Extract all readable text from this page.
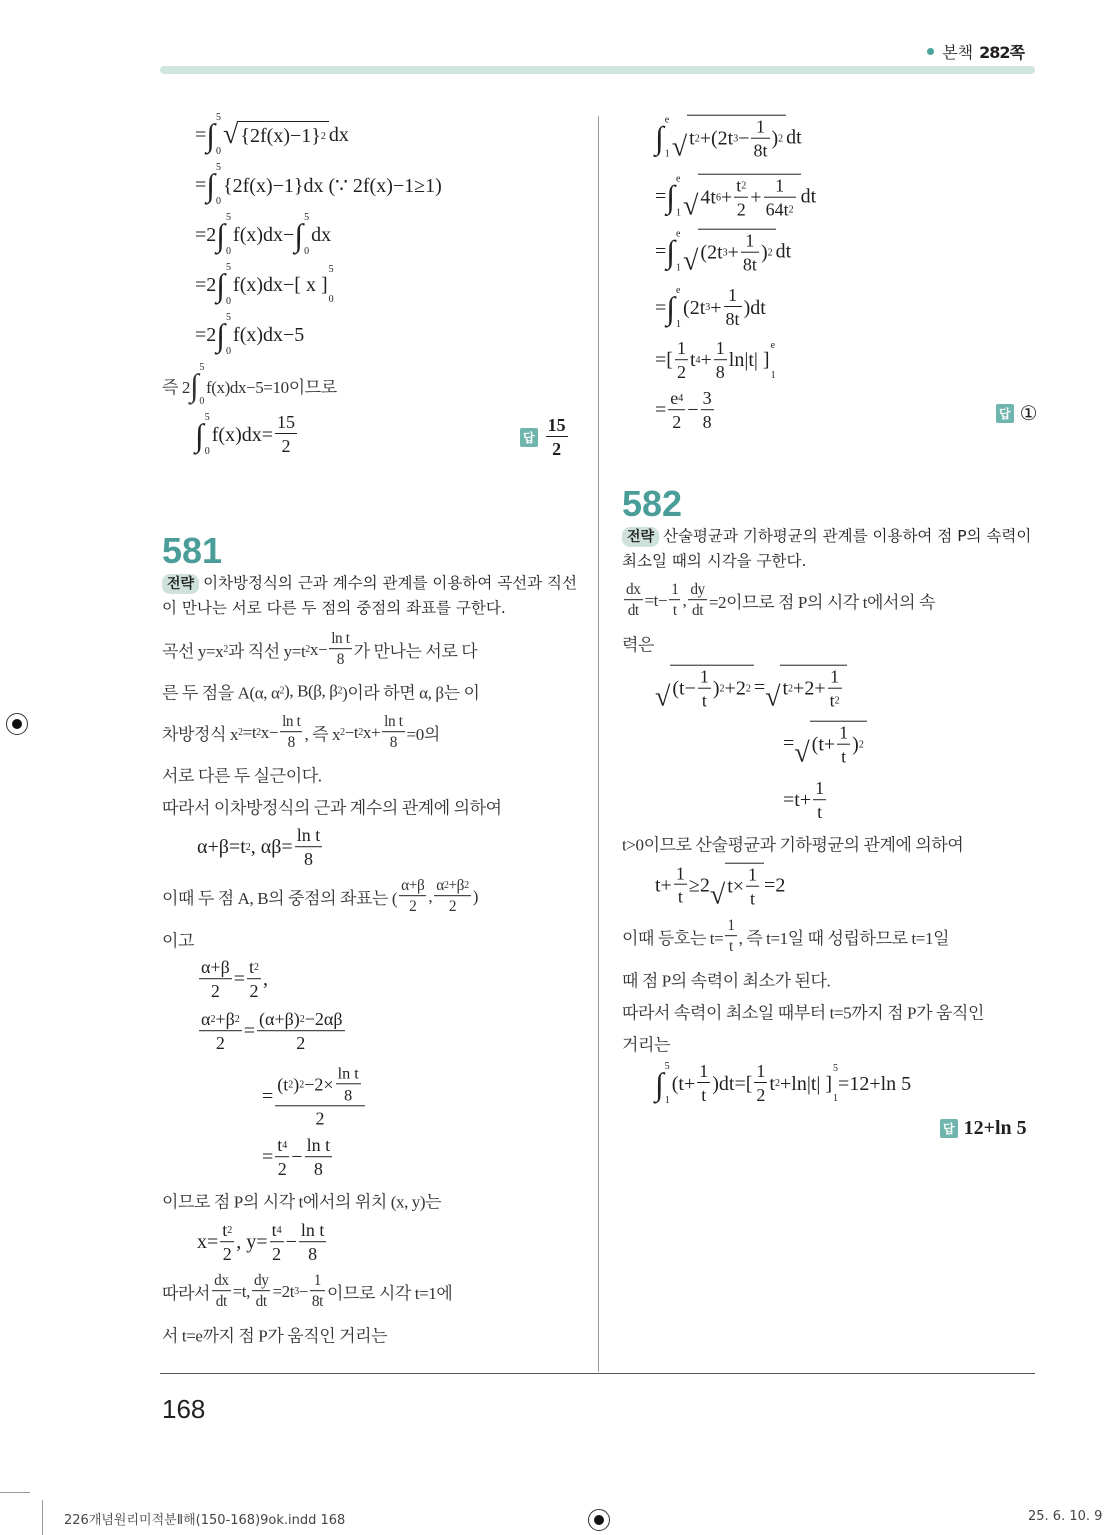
본책 282쪽
= ∫ 5
0
√ {2f(x)−1} 2 dx
= ∫ 5
0
{2f(x)−1}dx (∵ 2f(x)−1≥1)
=2 ∫ 5
0
f(x)dx− ∫ 5
0
dx
=2 ∫ 5
0
f(x)dx−[ x ]
5
0
=2 ∫ 5
0
f(x)dx−5
즉 2 ∫ 5
0
f(x)dx−5=10이므로
∫ 5
0
$f(x)dx= \frac{15}{2}$	답 $\frac{15}{2}$
581
전략 이차방정식의 근과 계수의 관계를 이용하여 곡선과 직선이 만나는 서로 다른 두 점의 중점의 좌표를 구한다.
곡선 y=x 2 과 직선 y=t 2 $x- \frac{\text{ln t}}{8}$ 가 만나는 서로 다
른 두 점을 A(α, α 2 ), B(β, β 2 )이라 하면 α, β는 이
차방정식 x 2 =t 2 $x- \frac{\text{ln t}}{8}$ , 즉 x 2 −t 2 $x+ \frac{\text{ln t}}{8} =0$의
서로 다른 두 실근이다.
따라서 이차방정식의 근과 계수의 관계에 의하여
α+β=t 2 , $\alpha\beta= \frac{\text{ln t}}{8}$
이때 두 점 A, B의 중점의 좌표는 ( $\frac{\alpha+\beta}{2}$ , $\frac{\alpha 2 +\beta 2}{2}$ )
이고
$\frac{\alpha+\beta}{2} = \frac{t 2}{2}$ ,
$\frac{\alpha 2 +\beta 2}{2} = \frac{(\alpha+\beta) 2 -2\alpha\beta}{2}$
= $\frac{(t 2 ) 2 -2\times \frac{\text{ln t}}{8}}{2}$
= $\frac{t 4}{2} - \frac{\text{ln t}}{8}$
이므로 점 P의 시각 t에서의 위치 (x, y)는
$x= \frac{t 2}{2}$ , $y= \frac{t 4}{2} - \frac{\text{ln t}}{8}$
따라서 $\frac{dx}{dt} =t$, $\frac{dy}{dt} =2t$ $3 - \frac{1}{8t}$ 이므로 시각 t=1에
서 t=e까지 점 P가 움직인 거리는
∫ e
1 √ t 2 +(2t $3 - \frac{1}{8t}$ ) 2 dt
= ∫ e
1 √ 4t $6 + \frac{t 2}{2} + \frac{1}{64t 2}$ dt
= ∫ e
1 √ (2t $3 + \frac{1}{8t}$ ) 2 dt
= ∫ e
1
(2t $3 + \frac{1}{8t} )dt$
=[ $\frac{1}{2}$ t $4 + \frac{1}{8} \ln|t|$ ]
e
1
= $\frac{e 4}{2} - \frac{3}{8}$	답 ①
582
전략 산술평균과 기하평균의 관계를 이용하여 점 P의 속력이 최소일 때의 시각을 구한다.
$\frac{dx}{dt} =t- \frac{1}{t}$ , $\frac{dy}{dt} =2$이므로 점 P의 시각 t에서의 속
력은
√ ($t- \frac{1}{t}$ ) 2 +2 2 = √ t $2 +2+ \frac{1}{t 2}$
= √ ($t+ \frac{1}{t}$ ) 2
$=t+ \frac{1}{t}$
t>0이므로 산술평균과 기하평균의 관계에 의하여
$t+ \frac{1}{t} \ge 2$ √ $t\times \frac{1}{t} =2$
이때 등호는 $t= \frac{1}{t}$ , 즉 t=1일 때 성립하므로 t=1일
때 점 P의 속력이 최소가 된다.
따라서 속력이 최소일 때부터 t=5까지 점 P가 움직인
거리는
∫ 5
1
$(t+ \frac{1}{t} )dt=[ \frac{1}{2}$ t 2 +ln|t| ]
5
1
=12+ln 5
답 12+ln 5
168
226개념원리미적분Ⅱ해(150-168)9ok.indd 168	25. 6. 10. 9
